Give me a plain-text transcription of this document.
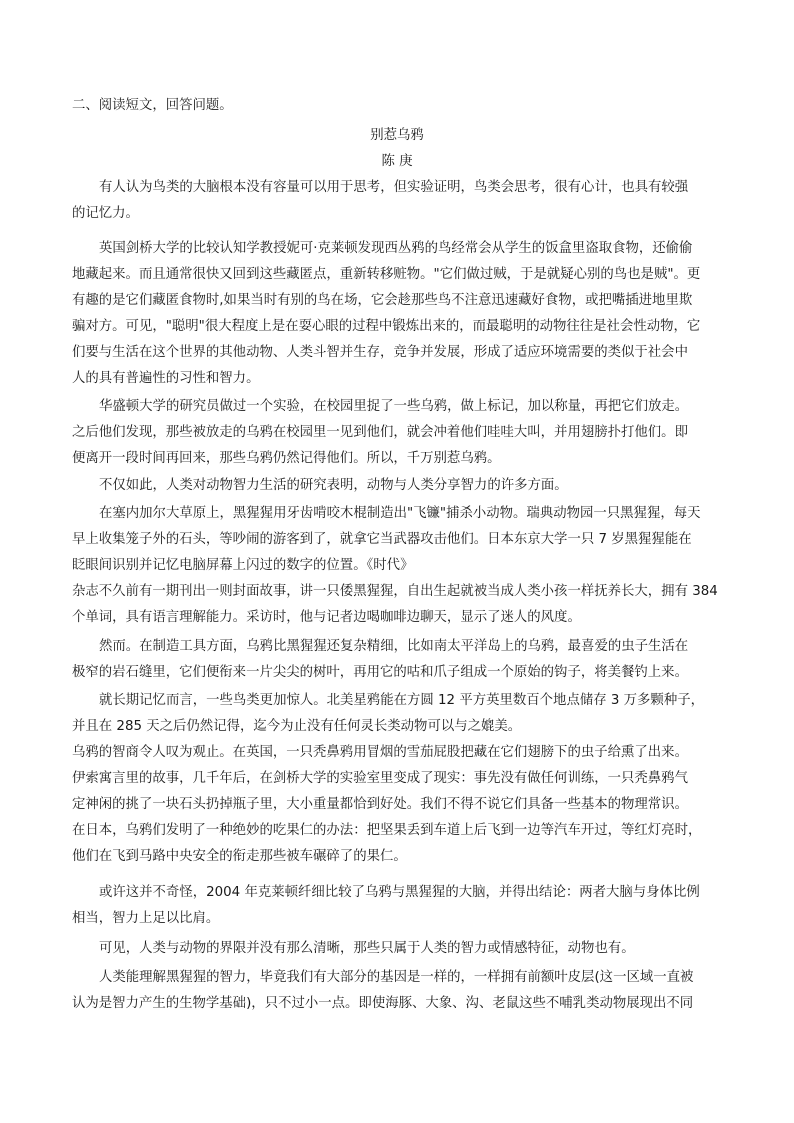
二、阅读短文，回答问题。
别惹乌鸦
陈 庚
有人认为鸟类的大脑根本没有容量可以用于思考，但实验证明，鸟类会思考，很有心计，也具有较强
的记忆力。
英国剑桥大学的比较认知学教授妮可·克莱顿发现西丛鸦的鸟经常会从学生的饭盒里盗取食物，还偷偷
地藏起来。而且通常很快又回到这些藏匿点，重新转移赃物。"它们做过贼，于是就疑心别的鸟也是贼"。更
有趣的是它们藏匿食物时,如果当时有别的鸟在场，它会趁那些鸟不注意迅速藏好食物，或把嘴插进地里欺
骗对方。可见，"聪明"很大程度上是在耍心眼的过程中锻炼出来的，而最聪明的动物往往是社会性动物，它
们要与生活在这个世界的其他动物、人类斗智并生存，竞争并发展，形成了适应环境需要的类似于社会中
人的具有普遍性的习性和智力。
华盛顿大学的研究员做过一个实验，在校园里捉了一些乌鸦，做上标记，加以称量，再把它们放走。
之后他们发现，那些被放走的乌鸦在校园里一见到他们，就会冲着他们哇哇大叫，并用翅膀扑打他们。即
便离开一段时间再回来，那些乌鸦仍然记得他们。所以，千万别惹乌鸦。
不仅如此，人类对动物智力生活的研究表明，动物与人类分享智力的许多方面。
在塞内加尔大草原上，黑猩猩用牙齿啃咬木棍制造出"飞镰"捕杀小动物。瑞典动物园一只黑猩猩，每天
早上收集笼子外的石头，等吵闹的游客到了，就拿它当武器攻击他们。日本东京大学一只 7 岁黑猩猩能在
眨眼间识别并记忆电脑屏幕上闪过的数字的位置。《时代》
杂志不久前有一期刊出一则封面故事，讲一只倭黑猩猩，自出生起就被当成人类小孩一样抚养长大，拥有 384
个单词，具有语言理解能力。采访时，他与记者边喝咖啡边聊天，显示了迷人的风度。
然而。在制造工具方面，乌鸦比黑猩猩还复杂精细，比如南太平洋岛上的乌鸦，最喜爱的虫子生活在
极窄的岩石缝里，它们便衔来一片尖尖的树叶，再用它的咕和爪子组成一个原始的钩子，将美餐钓上来。
就长期记忆而言，一些鸟类更加惊人。北美星鸦能在方圆 12 平方英里数百个地点储存 3 万多颗种子，
并且在 285 天之后仍然记得，迄今为止没有任何灵长类动物可以与之媲美。
乌鸦的智商令人叹为观止。在英国，一只秃鼻鸦用冒烟的雪茄屁股把藏在它们翅膀下的虫子给熏了出来。
伊索寓言里的故事，几千年后，在剑桥大学的实验室里变成了现实：事先没有做任何训练，一只秃鼻鸦气
定神闲的挑了一块石头扔掉瓶子里，大小重量都恰到好处。我们不得不说它们具备一些基本的物理常识。
在日本，乌鸦们发明了一种绝妙的吃果仁的办法：把坚果丢到车道上后飞到一边等汽车开过，等红灯亮时，
他们在飞到马路中央安全的衔走那些被车碾碎了的果仁。
或许这并不奇怪，2004 年克莱顿纤细比较了乌鸦与黑猩猩的大脑，并得出结论：两者大脑与身体比例
相当，智力上足以比肩。
可见，人类与动物的界限并没有那么清晰，那些只属于人类的智力或情感特征，动物也有。
人类能理解黑猩猩的智力，毕竟我们有大部分的基因是一样的，一样拥有前额叶皮层(这一区域一直被
认为是智力产生的生物学基础)，只不过小一点。即使海豚、大象、沟、老鼠这些不哺乳类动物展现出不同
